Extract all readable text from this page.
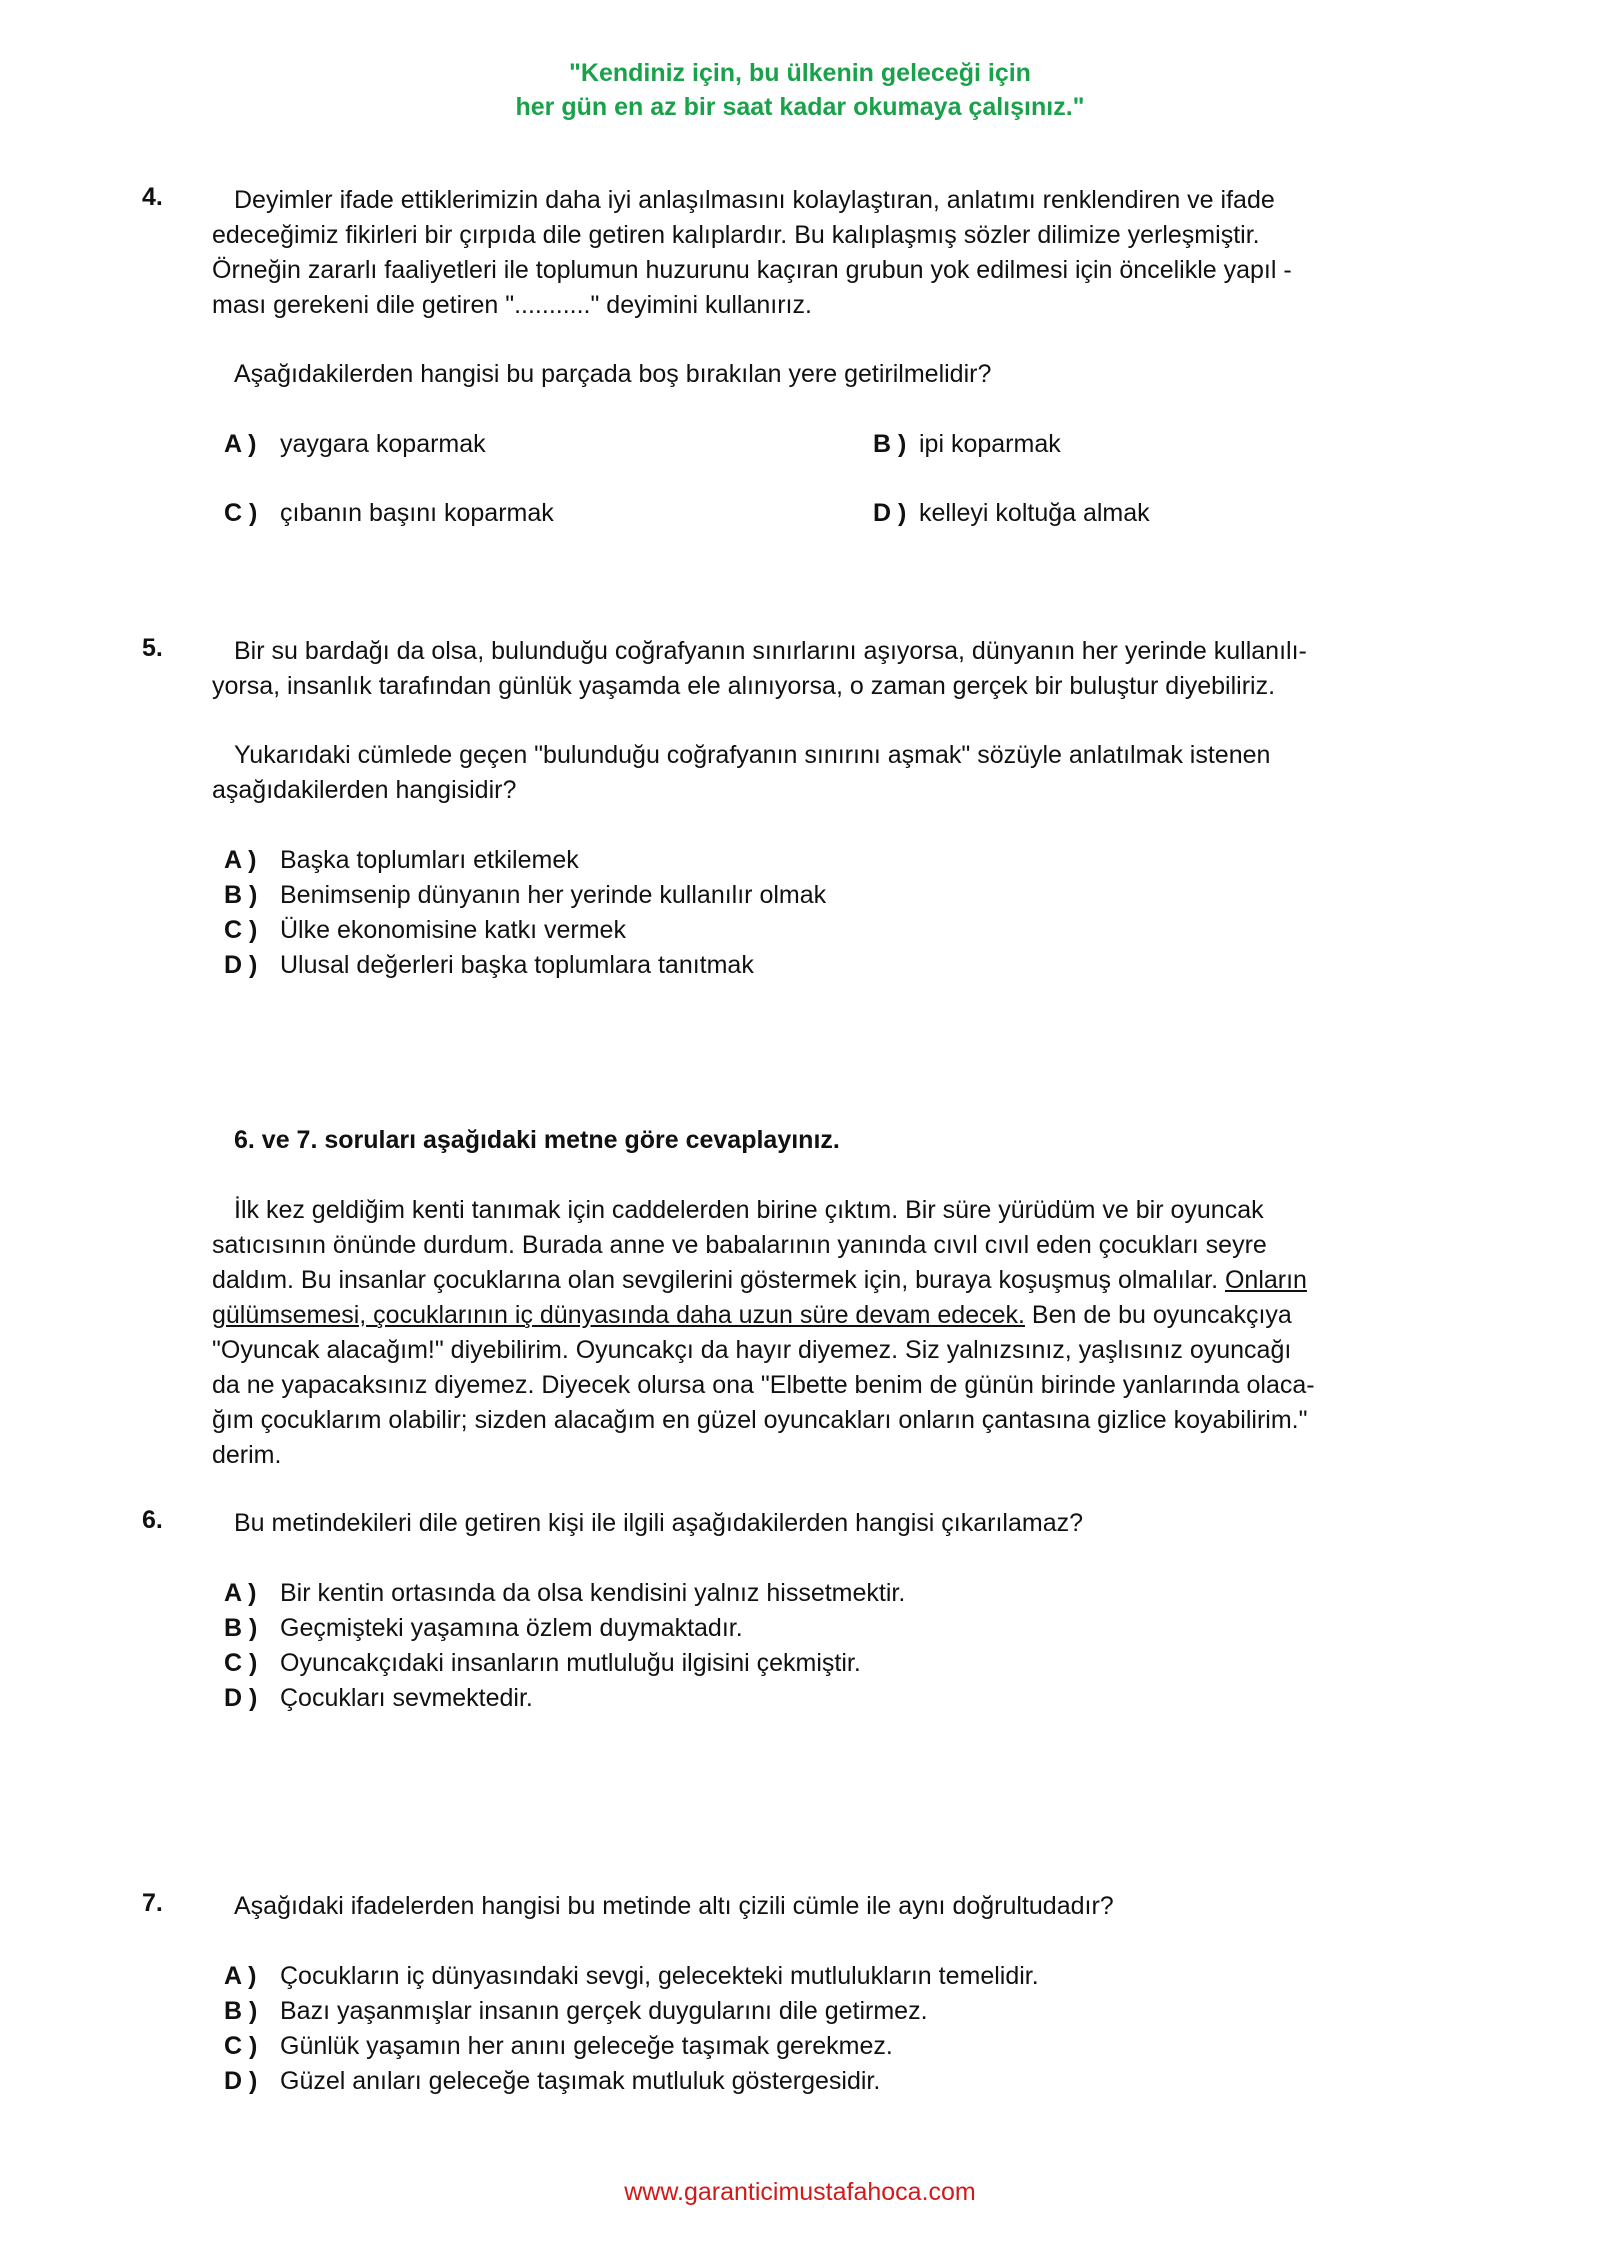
"Kendiniz için, bu ülkenin geleceği için
her gün en az bir saat kadar okumaya çalışınız."
4.	Deyimler ifade ettiklerimizin daha iyi anlaşılmasını kolaylaştıran, anlatımı renklendiren ve ifade
edeceğimiz fikirleri bir çırpıda dile getiren kalıplardır. Bu kalıplaşmış sözler dilimize yerleşmiştir.
Örneğin zararlı faaliyetleri ile toplumun huzurunu kaçıran grubun yok edilmesi için öncelikle yapıl -
ması gerekeni dile getiren "..........." deyimini kullanırız.
Aşağıdakilerden hangisi bu parçada boş bırakılan yere getirilmelidir?
A ) yaygara koparmak	B ) ipi koparmak
C ) çıbanın başını koparmak	D ) kelleyi koltuğa almak
5.	Bir su bardağı da olsa, bulunduğu coğrafyanın sınırlarını aşıyorsa, dünyanın her yerinde kullanılı-
yorsa, insanlık tarafından günlük yaşamda ele alınıyorsa, o zaman gerçek bir buluştur diyebiliriz.
Yukarıdaki cümlede geçen "bulunduğu coğrafyanın sınırını aşmak" sözüyle anlatılmak istenen
aşağıdakilerden hangisidir?
A ) Başka toplumları etkilemek
B ) Benimsenip dünyanın her yerinde kullanılır olmak
C ) Ülke ekonomisine katkı vermek
D ) Ulusal değerleri başka toplumlara tanıtmak
6. ve 7. soruları aşağıdaki metne göre cevaplayınız.
İlk kez geldiğim kenti tanımak için caddelerden birine çıktım. Bir süre yürüdüm ve bir oyuncak
satıcısının önünde durdum. Burada anne ve babalarının yanında cıvıl cıvıl eden çocukları seyre
daldım. Bu insanlar çocuklarına olan sevgilerini göstermek için, buraya koşuşmuş olmalılar. Onların
gülümsemesi, çocuklarının iç dünyasında daha uzun süre devam edecek. Ben de bu oyuncakçıya
"Oyuncak alacağım!" diyebilirim. Oyuncakçı da hayır diyemez. Siz yalnızsınız, yaşlısınız oyuncağı
da ne yapacaksınız diyemez. Diyecek olursa ona "Elbette benim de günün birinde yanlarında olaca-
ğım çocuklarım olabilir; sizden alacağım en güzel oyuncakları onların çantasına gizlice koyabilirim."
derim.
6.	Bu metindekileri dile getiren kişi ile ilgili aşağıdakilerden hangisi çıkarılamaz?
A ) Bir kentin ortasında da olsa kendisini yalnız hissetmektir.
B ) Geçmişteki yaşamına özlem duymaktadır.
C ) Oyuncakçıdaki insanların mutluluğu ilgisini çekmiştir.
D ) Çocukları sevmektedir.
7.	Aşağıdaki ifadelerden hangisi bu metinde altı çizili cümle ile aynı doğrultudadır?
A ) Çocukların iç dünyasındaki sevgi, gelecekteki mutlulukların temelidir.
B ) Bazı yaşanmışlar insanın gerçek duygularını dile getirmez.
C ) Günlük yaşamın her anını geleceğe taşımak gerekmez.
D ) Güzel anıları geleceğe taşımak mutluluk göstergesidir.
www.garanticimustafahoca.com
